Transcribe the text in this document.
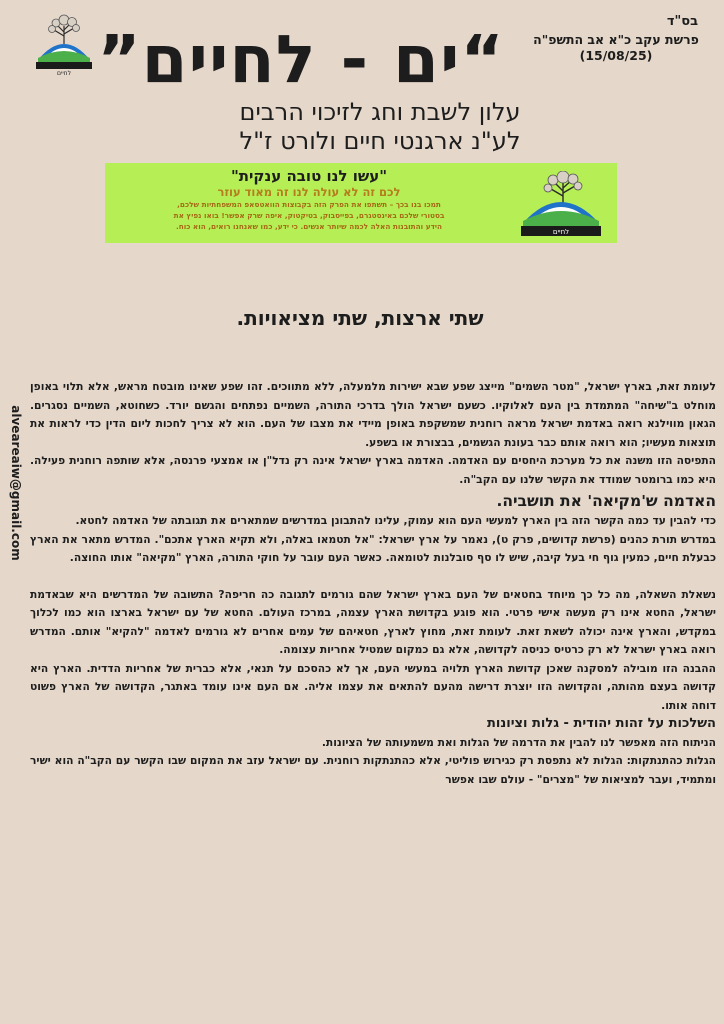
לחיים
בס"ד
פרשת עקב כ"א אב התשפ"ה
(15/08/25)
“ים - לחיים”
עלון לשבת וחג לזיכוי הרבים
לע"נ ארגנטי חיים ולורט ז"ל
"עשו לנו טובה ענקית"
לכם זה לא עולה לנו זה מאוד עוזר
תמכו בנו בכך – תשתפו את הפרק הזה בקבוצות הוואטסאפ המשפחתיות שלכם,
בסטורי שלכם באינסטגרם, בפייסבוק, בטיקטוק, איפה שרק אפשר! בואו נפיץ את
הידע והתובנות האלה לכמה שיותר אנשים. כי ידע, כמו שאנחנו רואים, הוא כוח.
לחיים
שתי ארצות, שתי מציאויות.
alveareaiw@gmail.com

לעומת זאת, בארץ ישראל, "מטר השמים" מייצג שפע שבא ישירות מלמעלה, ללא מתווכים. זהו שפע שאינו מובטח מראש, אלא תלוי באופן מוחלט ב"שיחה" המתמדת בין העם לאלוקיו. כשעם ישראל הולך בדרכי התורה, השמיים נפתחים והגשם יורד. כשחוטא, השמיים נסגרים. הגאון מווילנא רואה באדמת ישראל מראה רוחנית שמשקפת באופן מיידי את מצבו של העם. הוא לא צריך לחכות ליום הדין כדי לראות את תוצאות מעשיו; הוא רואה אותם כבר בעונת הגשמים, בבצורת או בשפע.

התפיסה הזו משנה את כל מערכת היחסים עם האדמה. האדמה בארץ ישראל אינה רק נדל"ן או אמצעי פרנסה, אלא שותפה רוחנית פעילה. היא כמו ברומטר שמודד את הקשר שלנו עם הקב"ה.

האדמה ש'מקיאה' את תושביה.

כדי להבין עד כמה הקשר הזה בין הארץ למעשי העם הוא עמוק, עלינו להתבונן במדרשים שמתארים את תגובתה של האדמה לחטא.

במדרש תורת כהנים (פרשת קדושים, פרק ט), נאמר על ארץ ישראל: "אל תטמאו באלה, ולא תקיא הארץ אתכם". המדרש מתאר את הארץ כבעלת חיים, כמעין גוף חי בעל קיבה, שיש לו סף סובלנות לטומאה. כאשר העם עובר על חוקי התורה, הארץ "מקיאה" אותו החוצה.

נשאלת השאלה, מה כל כך מיוחד בחטאים של העם בארץ ישראל שהם גורמים לתגובה כה חריפה? התשובה של המדרשים היא שבאדמת ישראל, החטא אינו רק מעשה אישי פרטי. הוא פוגע בקדושת הארץ עצמה, במרכז העולם. החטא של עם ישראל בארצו הוא כמו לכלוך במקדש, והארץ אינה יכולה לשאת זאת. לעומת זאת, מחוץ לארץ, חטאיהם של עמים אחרים לא גורמים לאדמה "להקיא" אותם. המדרש רואה בארץ ישראל לא רק כרטיס כניסה לקדושה, אלא גם כמקום שמטיל אחריות עצומה.

ההבנה הזו מובילה למסקנה שאכן קדושת הארץ תלויה במעשי העם, אך לא כהסכם על תנאי, אלא כברית של אחריות הדדית. הארץ היא קדושה בעצם מהותה, והקדושה הזו יוצרת דרישה מהעם להתאים את עצמו אליה. אם העם אינו עומד באתגר, הקדושה של הארץ פשוט דוחה אותו.

השלכות על זהות יהודית - גלות וציונות

הניתוח הזה מאפשר לנו להבין את הדרמה של הגלות ואת משמעותה של הציונות.

הגלות כהתנתקות: הגלות לא נתפסת רק כגירוש פוליטי, אלא כהתנתקות רוחנית. עם ישראל עזב את המקום שבו הקשר עם הקב"ה הוא ישיר ומתמיד, ועבר למציאות של "מצרים" - עולם שבו אפשר
